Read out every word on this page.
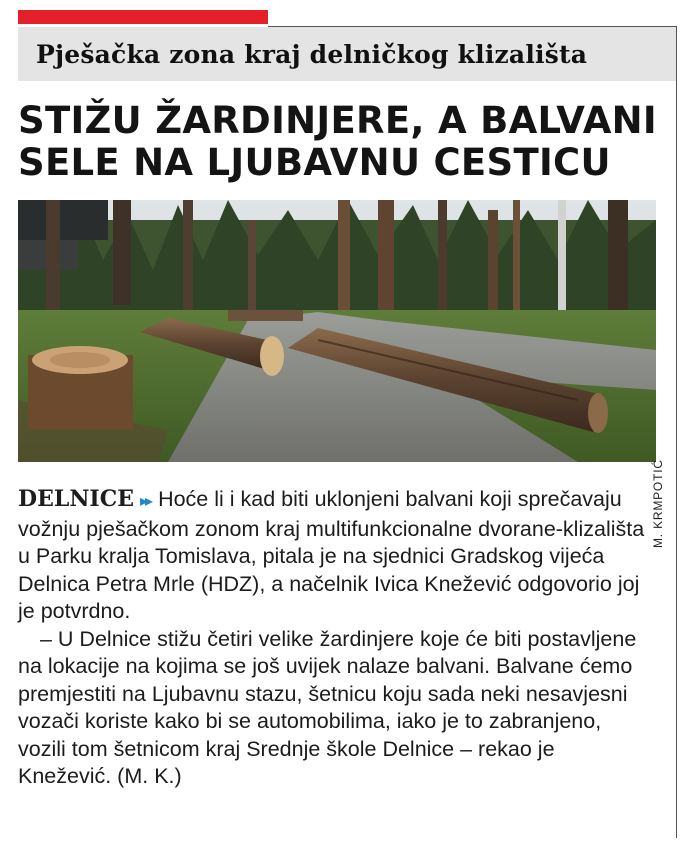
Pješačka zona kraj delničkog klizališta
STIŽU ŽARDINJERE, A BALVANI
SELE NA LJUBAVNU CESTICU
M. KRMPOTIĆ

DELNICE ▸▸ Hoće li i kad biti uklonjeni balvani koji sprečavaju vožnju pješačkom zonom kraj multifunkcionalne dvorane-klizališta u Parku kralja Tomislava, pitala je na sjednici Gradskog vijeća Delnica Petra Mrle (HDZ), a načelnik Ivica Knežević odgovorio joj je potvrdno.

– U Delnice stižu četiri velike žardinjere koje će biti postavljene na lokacije na kojima se još uvijek nalaze balvani. Balvane ćemo premjestiti na Ljubavnu stazu, šetnicu koju sada neki nesavjesni vozači koriste kako bi se automobilima, iako je to zabranjeno, vozili tom šetnicom kraj Srednje škole Delnice – rekao je Knežević. (M. K.)
